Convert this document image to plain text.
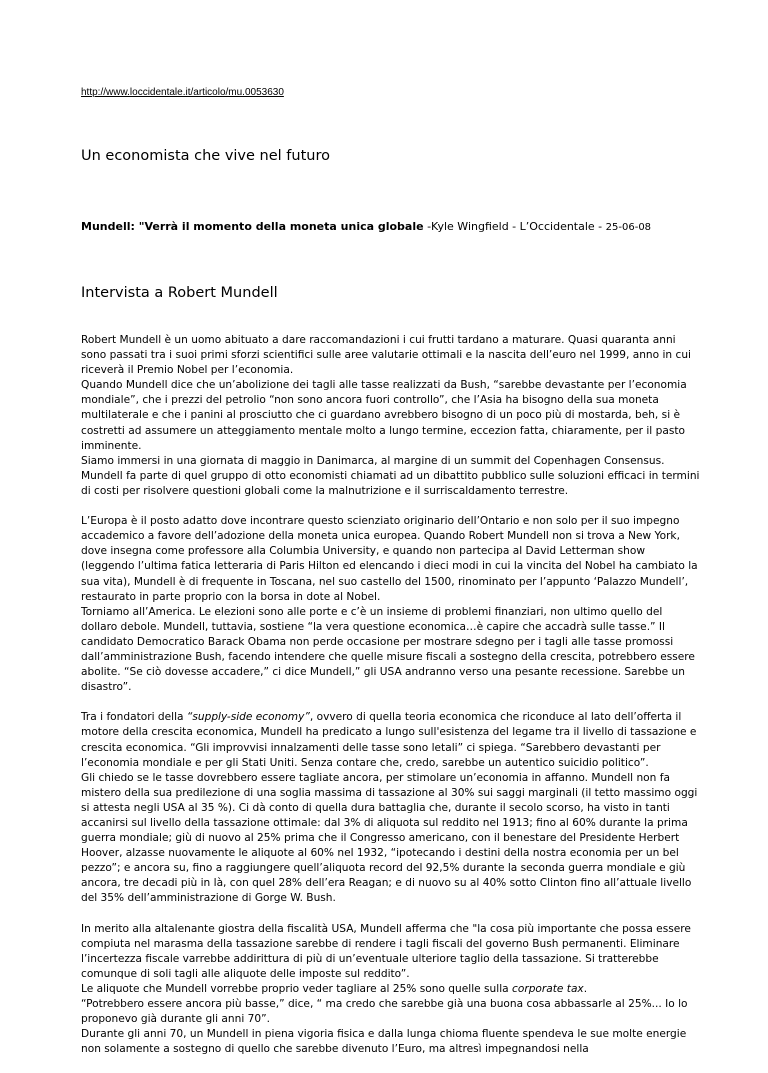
http://www.loccidentale.it/articolo/mu.0053630
Un economista che vive nel futuro
Mundell: "Verrà il momento della moneta unica globale -Kyle Wingfield - L’Occidentale - 25-06-08
Intervista a Robert Mundell

Robert Mundell è un uomo abituato a dare raccomandazioni i cui frutti tardano a maturare. Quasi quaranta anni sono passati tra i suoi primi sforzi scientifici sulle aree valutarie ottimali e la nascita dell’euro nel 1999, anno in cui riceverà il Premio Nobel per l’economia.
Quando Mundell dice che un’abolizione dei tagli alle tasse realizzati da Bush, “sarebbe devastante per l’economia mondiale”, che i prezzi del petrolio “non sono ancora fuori controllo”, che l’Asia ha bisogno della sua moneta multilaterale e che i panini al prosciutto che ci guardano avrebbero bisogno di un poco più di mostarda, beh, si è costretti ad assumere un atteggiamento mentale molto a lungo termine, eccezion fatta, chiaramente, per il pasto imminente.
Siamo immersi in una giornata di maggio in Danimarca, al margine di un summit del Copenhagen Consensus. Mundell fa parte di quel gruppo di otto economisti chiamati ad un dibattito pubblico sulle soluzioni efficaci in termini di costi per risolvere questioni globali come la malnutrizione e il surriscaldamento terrestre.

L’Europa è il posto adatto dove incontrare questo scienziato originario dell’Ontario e non solo per il suo impegno accademico a favore dell’adozione della moneta unica europea. Quando Robert Mundell non si trova a New York, dove insegna come professore alla Columbia University, e quando non partecipa al David Letterman show (leggendo l’ultima fatica letteraria di Paris Hilton ed elencando i dieci modi in cui la vincita del Nobel ha cambiato la sua vita), Mundell è di frequente in Toscana, nel suo castello del 1500, rinominato per l’appunto ‘Palazzo Mundell’, restaurato in parte proprio con la borsa in dote al Nobel.
Torniamo all’America. Le elezioni sono alle porte e c’è un insieme di problemi finanziari, non ultimo quello del dollaro debole. Mundell, tuttavia, sostiene “la vera questione economica…è capire che accadrà sulle tasse.” Il candidato Democratico Barack Obama non perde occasione per mostrare sdegno per i tagli alle tasse promossi dall’amministrazione Bush, facendo intendere che quelle misure fiscali a sostegno della crescita, potrebbero essere abolite. “Se ciò dovesse accadere,” ci dice Mundell,” gli USA andranno verso una pesante recessione. Sarebbe un disastro”.

Tra i fondatori della “supply-side economy”, ovvero di quella teoria economica che riconduce al lato dell’offerta il motore della crescita economica, Mundell ha predicato a lungo sull'esistenza del legame tra il livello di tassazione e crescita economica. “Gli improvvisi innalzamenti delle tasse sono letali” ci spiega. “Sarebbero devastanti per l’economia mondiale e per gli Stati Uniti. Senza contare che, credo, sarebbe un autentico suicidio politico”.
Gli chiedo se le tasse dovrebbero essere tagliate ancora, per stimolare un’economia in affanno. Mundell non fa mistero della sua predilezione di una soglia massima di tassazione al 30% sui saggi marginali (il tetto massimo oggi si attesta negli USA al 35 %). Ci dà conto di quella dura battaglia che, durante il secolo scorso, ha visto in tanti accanirsi sul livello della tassazione ottimale: dal 3% di aliquota sul reddito nel 1913; fino al 60% durante la prima guerra mondiale; giù di nuovo al 25% prima che il Congresso americano, con il benestare del Presidente Herbert Hoover, alzasse nuovamente le aliquote al 60% nel 1932, “ipotecando i destini della nostra economia per un bel pezzo”; e ancora su, fino a raggiungere quell’aliquota record del 92,5% durante la seconda guerra mondiale e giù ancora, tre decadi più in là, con quel 28% dell’era Reagan; e di nuovo su al 40% sotto Clinton fino all’attuale livello del 35% dell’amministrazione di Gorge W. Bush.

In merito alla altalenante giostra della fiscalità USA, Mundell afferma che "la cosa più importante che possa essere compiuta nel marasma della tassazione sarebbe di rendere i tagli fiscali del governo Bush permanenti. Eliminare l’incertezza fiscale varrebbe addirittura di più di un’eventuale ulteriore taglio della tassazione. Si tratterebbe comunque di soli tagli alle aliquote delle imposte sul reddito”.
Le aliquote che Mundell vorrebbe proprio veder tagliare al 25% sono quelle sulla corporate tax.
“Potrebbero essere ancora più basse,” dice, “ ma credo che sarebbe già una buona cosa abbassarle al 25%... Io lo proponevo già durante gli anni 70”.
Durante gli anni 70, un Mundell in piena vigoria fisica e dalla lunga chioma fluente spendeva le sue molte energie non solamente a sostegno di quello che sarebbe divenuto l’Euro, ma altresì impegnandosi nella
